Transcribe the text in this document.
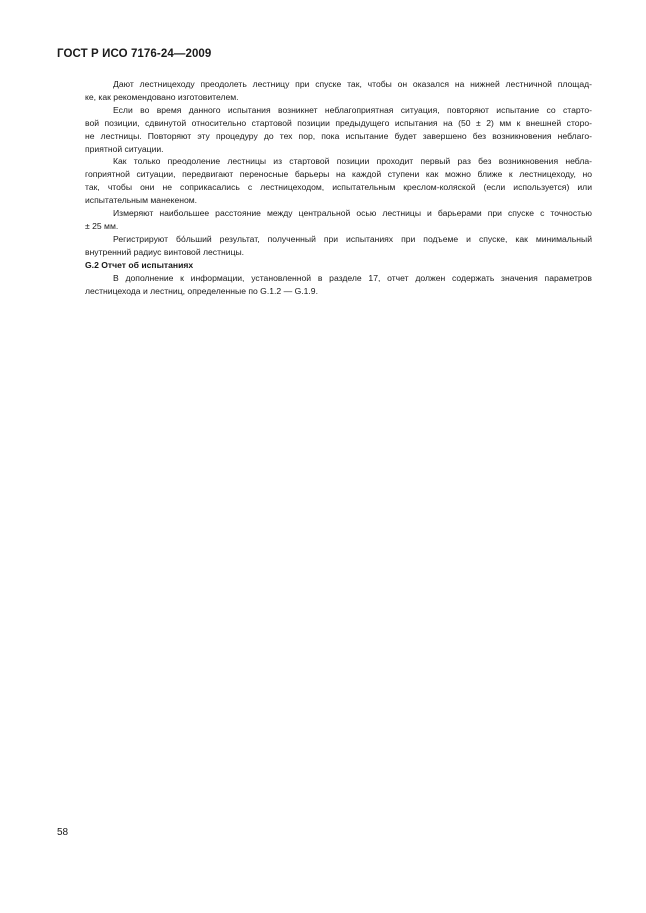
ГОСТ Р ИСО 7176-24—2009
Дают лестницеходу преодолеть лестницу при спуске так, чтобы он оказался на нижней лестничной площад-
ке, как рекомендовано изготовителем.
Если во время данного испытания возникнет неблагоприятная ситуация, повторяют испытание со старто-
вой позиции, сдвинутой относительно стартовой позиции предыдущего испытания на (50 ± 2) мм к внешней сторо-
не лестницы. Повторяют эту процедуру до тех пор, пока испытание будет завершено без возникновения неблаго-
приятной ситуации.
Как только преодоление лестницы из стартовой позиции проходит первый раз без возникновения небла-
гоприятной ситуации, передвигают переносные барьеры на каждой ступени как можно ближе к лестницеходу, но
так, чтобы они не соприкасались с лестницеходом, испытательным креслом-коляской (если используется) или
испытательным манекеном.
Измеряют наибольшее расстояние между центральной осью лестницы и барьерами при спуске с точностью
± 25 мм.
Регистрируют бо́льший результат, полученный при испытаниях при подъеме и спуске, как минимальный
внутренний радиус винтовой лестницы.
G.2 Отчет об испытаниях
В дополнение к информации, установленной в разделе 17, отчет должен содержать значения параметров
лестницехода и лестниц, определенные по G.1.2 — G.1.9.
58
